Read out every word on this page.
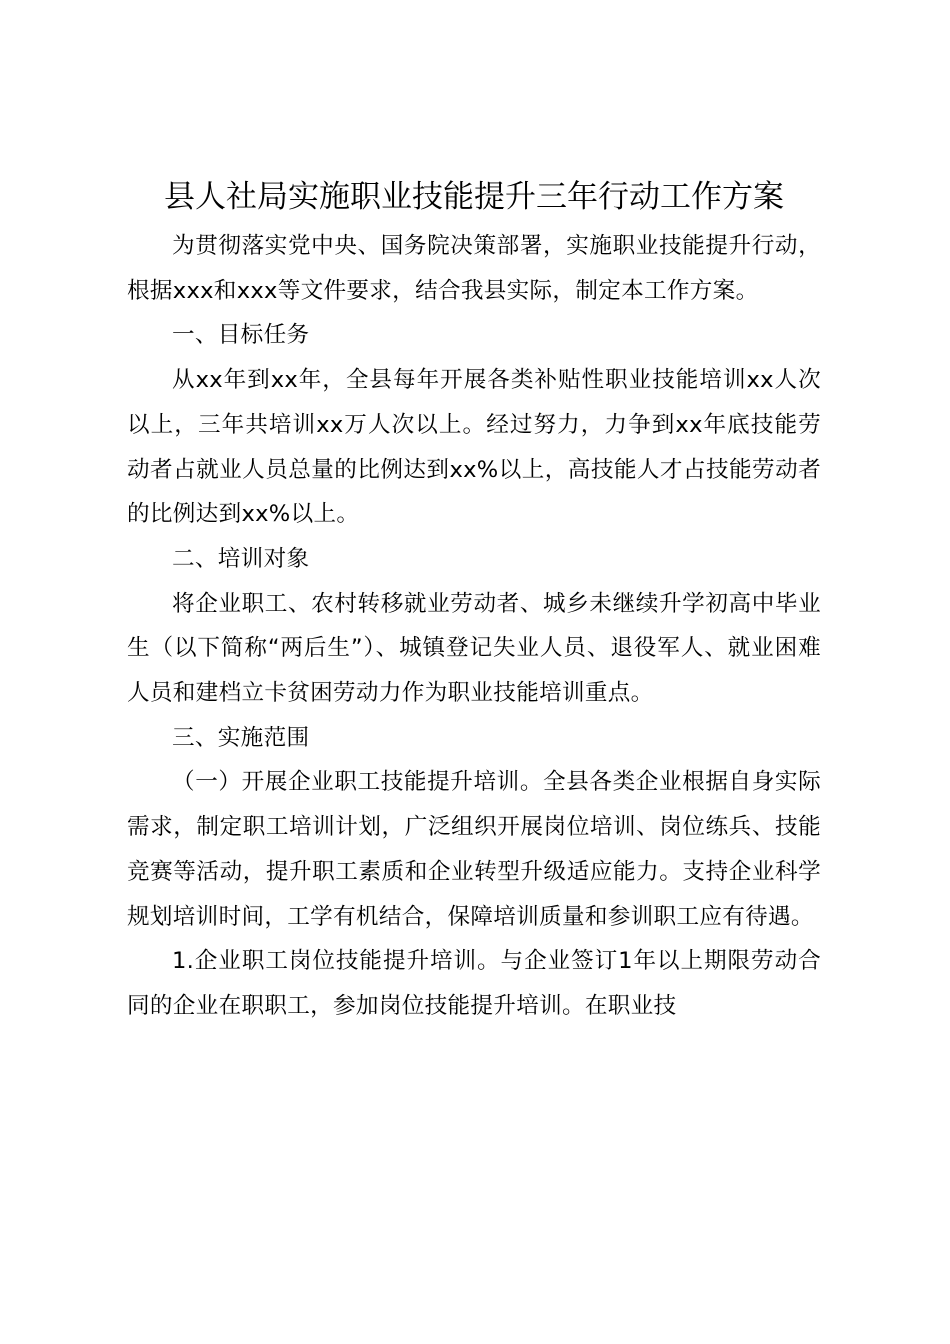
县人社局实施职业技能提升三年行动工作方案

为贯彻落实党中央、国务院决策部署，实施职业技能提升行动，根据xxx和xxx等文件要求，结合我县实际，制定本工作方案。

一、目标任务

从xx年到xx年，全县每年开展各类补贴性职业技能培训xx人次以上，三年共培训xx万人次以上。经过努力，力争到xx年底技能劳动者占就业人员总量的比例达到xx%以上，高技能人才占技能劳动者的比例达到xx%以上。

二、培训对象

将企业职工、农村转移就业劳动者、城乡未继续升学初高中毕业生（以下简称“两后生”）、城镇登记失业人员、退役军人、就业困难人员和建档立卡贫困劳动力作为职业技能培训重点。

三、实施范围

（一）开展企业职工技能提升培训。全县各类企业根据自身实际需求，制定职工培训计划，广泛组织开展岗位培训、岗位练兵、技能竞赛等活动，提升职工素质和企业转型升级适应能力。支持企业科学规划培训时间，工学有机结合，保障培训质量和参训职工应有待遇。

1.企业职工岗位技能提升培训。与企业签订1年以上期限劳动合同的企业在职职工，参加岗位技能提升培训。在职业技
